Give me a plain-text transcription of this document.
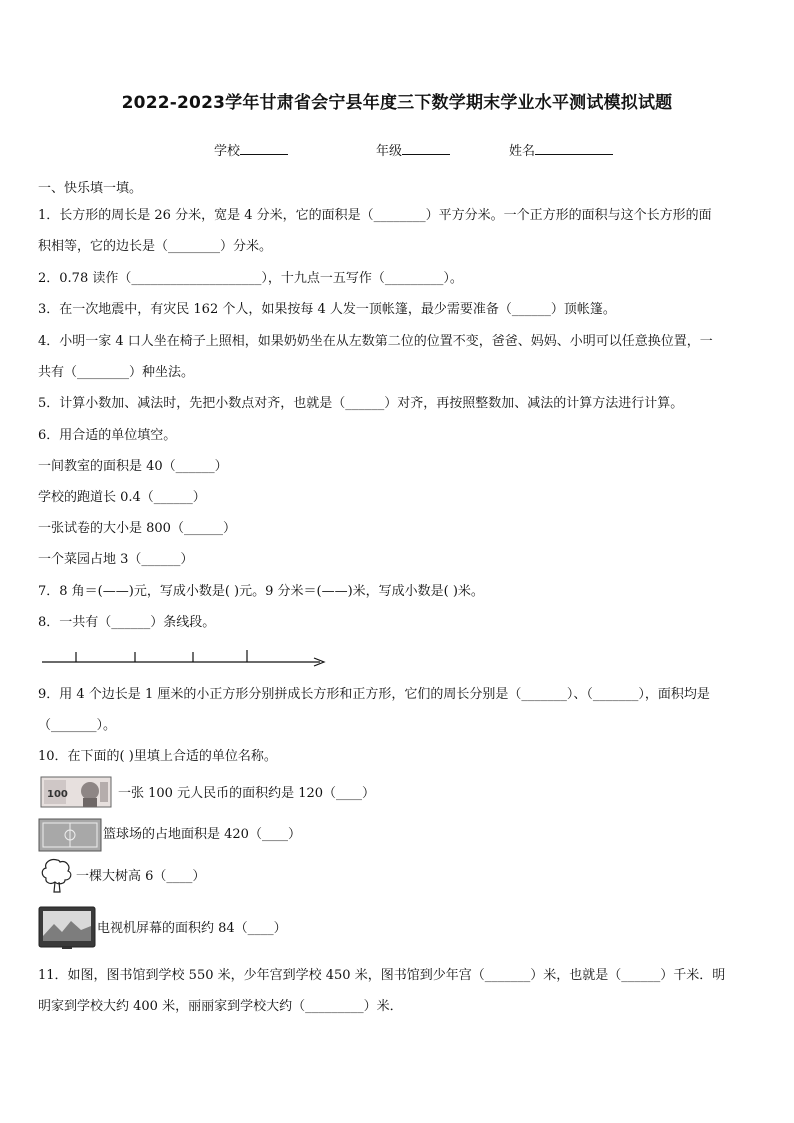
2022-2023学年甘肃省会宁县年度三下数学期末学业水平测试模拟试题
学校	年级	姓名
一、快乐填一填。
1．长方形的周长是 26 分米，宽是 4 分米，它的面积是（________）平方分米。一个正方形的面积与这个长方形的面
积相等，它的边长是（________）分米。
2．0.78 读作（____________________），十九点一五写作（_________）。
3．在一次地震中，有灾民 162 个人，如果按每 4 人发一顶帐篷，最少需要准备（______）顶帐篷。
4．小明一家 4 口人坐在椅子上照相，如果奶奶坐在从左数第二位的位置不变，爸爸、妈妈、小明可以任意换位置，一
共有（________）种坐法。
5．计算小数加、减法时，先把小数点对齐，也就是（______）对齐，再按照整数加、减法的计算方法进行计算。
6．用合适的单位填空。
一间教室的面积是 40（______）
学校的跑道长 0.4（______）
一张试卷的大小是 800（______）
一个菜园占地 3（______）
7．8 角＝(——)元，写成小数是( )元。9 分米＝(——)米，写成小数是( )米。
8．一共有（______）条线段。
9．用 4 个边长是 1 厘米的小正方形分别拼成长方形和正方形，它们的周长分别是（_______）、（_______），面积均是
（_______）。
10．在下面的( )里填上合适的单位名称。
100	一张 100 元人民币的面积约是 120（____）
篮球场的占地面积是 420（____）
一棵大树高 6（____）
电视机屏幕的面积约 84（____）
11．如图，图书馆到学校 550 米，少年宫到学校 450 米，图书馆到少年宫（_______）米，也就是（______）千米．明
明家到学校大约 400 米，丽丽家到学校大约（_________）米．
